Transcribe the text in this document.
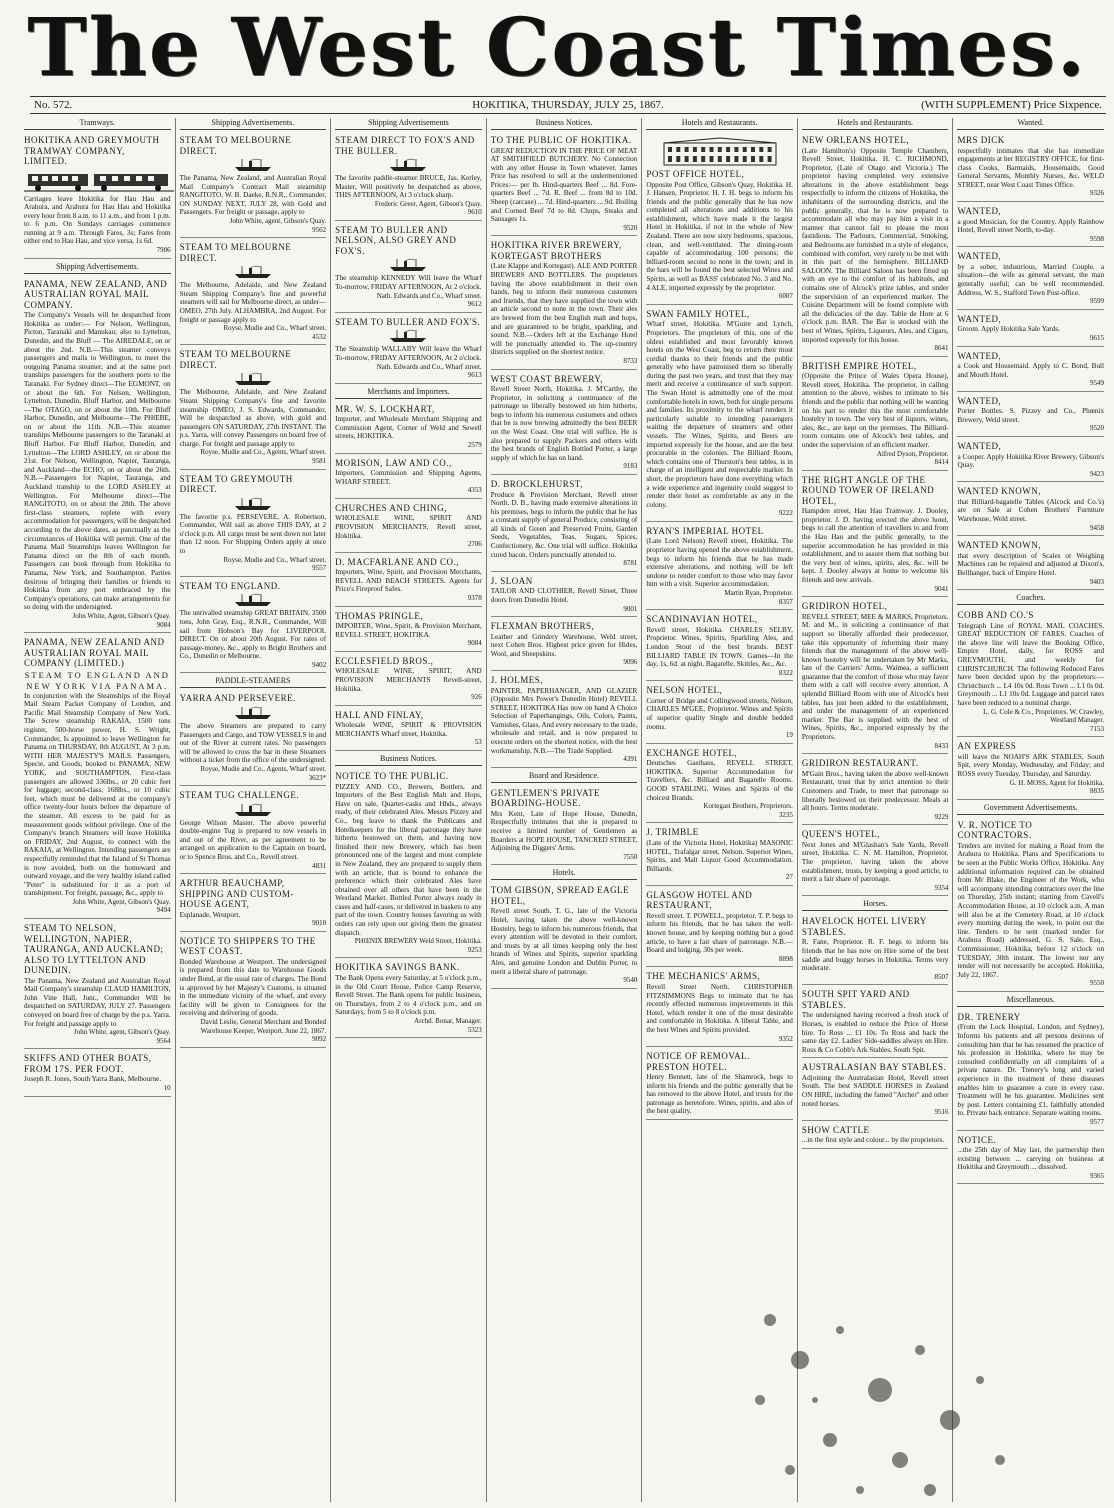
The West Coast Times.
No. 572.	HOKITIKA, THURSDAY, JULY 25, 1867.	(WITH SUPPLEMENT) Price Sixpence.
Tramways.
HOKITIKA AND GREYMOUTH TRAMWAY COMPANY, LIMITED.
Carriages leave Hokitika for Hau Hau and Arahura, and Arahura for Hau Hau and Hokitika every hour from 8 a.m. to 11 a.m., and from 1 p.m. to 6 p.m. On Sundays carriages commence running at 9 a.m. Through Fares, 3s; Fares from either end to Hau Hau, and vice versa, 1s 6d.
7906
Shipping Advertisements.
PANAMA, NEW ZEALAND, AND AUSTRALIAN ROYAL MAIL COMPANY.
The Company's Vessels will be despatched from Hokitika as under:— For Nelson, Wellington, Picton, Taranaki and Manukau; also to Lyttelton, Dunedin, and the Bluff — The AIREDALE, on or about the 2nd. N.B.—This steamer conveys passengers and mails to Wellington, to meet the outgoing Panama steamer, and at the same port tranships passengers for the southern ports to the Taranaki. For Sydney direct—The EGMONT, on or about the 6th. For Nelson, Wellington, Lyttelton, Dunedin, Bluff Harbor, and Melbourne—The OTAGO, on or about the 10th. For Bluff Harbor, Dunedin, and Melbourne—The PHŒBE, on or about the 11th. N.B.—This steamer tranships Melbourne passengers to the Taranaki at Bluff Harbor. For Bluff Harbor, Dunedin, and Lyttelton—The LORD ASHLEY, on or about the 21st. For Nelson, Wellington, Napier, Tauranga, and Auckland—the ECHO, on or about the 26th. N.B.—Passengers for Napier, Tauranga, and Auckland tranship to the LORD ASHLEY at Wellington. For Melbourne direct—The RANGITOTO, on or about the 28th. The above first-class steamers, replete with every accommodation for passengers, will be despatched according to the above dates, as punctually as the circumstances of Hokitika will permit. One of the Panama Mail Steamships leaves Wellington for Panama direct on the 8th of each month. Passengers can book through from Hokitika to Panama, New York, and Southampton. Parties desirous of bringing their families or friends to Hokitika from any port embraced by the Company's operations, can make arrangements for so doing with the undersigned.
John White, Agent, Gibson's Quay.
9084
PANAMA, NEW ZEALAND AND AUSTRALIAN ROYAL MAIL COMPANY (LIMITED.)
STEAM TO ENGLAND AND NEW YORK VIA PANAMA.
In conjunction with the Steamships of the Royal Mail Steam Packet Company of London, and Pacific Mail Steamship Company of New York. The Screw steamship RAKAIA, 1500 tons register, 500-horse power, H. S. Wright, Commander, Is appointed to leave Wellington for Panama on THURSDAY, 8th AUGUST, At 3 p.m. WITH HER MAJESTY'S MAILS. Passengers, Specie, and Goods, booked to PANAMA, NEW YORK, and SOUTHAMPTON. First-class passengers are allowed 336lbs., or 20 cubic feet for luggage; second-class, 168lbs., or 10 cubic feet, which must be delivered at the company's office twenty-four hours before the departure of the steamer. All excess to be paid for as measurement goods without privilege. One of the Company's branch Steamers will leave Hokitika on FRIDAY, 2nd August, to connect with the RAKAIA, at Wellington. Intending passengers are respectfully reminded that the Island of St Thomas is now avoided, both on the homeward and outward voyage, and the very healthy island called "Peter" is substituted for it as a port of transhipment. For freight, passage, &c., apply to
John White, Agent, Gibson's Quay.
9494
STEAM TO NELSON, WELLINGTON, NAPIER, TAURANGA, AND AUCKLAND; ALSO TO LYTTELTON AND DUNEDIN.
The Panama, New Zealand and Australian Royal Mail Company's steamship CLAUD HAMILTON, John Vine Hall, Junr., Commander Will be despatched on SATURDAY, JULY 27. Passengers conveyed on board free of charge by the p.s. Yarra. For freight and passage apply to
John White, agent, Gibson's Quay.
9564
SKIFFS AND OTHER BOATS, FROM 17S. PER FOOT.
Joseph R. Jones, South Yarra Bank, Melbourne.
10
Shipping Advertisements.
STEAM TO MELBOURNE DIRECT.
The Panama, New Zealand, and Australian Royal Mail Company's Contract Mail steamship RANGITOTO, W. B. Daeke, R.N.R., Commander, ON SUNDAY NEXT, JULY 28, with Gold and Passengers. For freight or passage, apply to
John White, agent, Gibson's Quay.
9562
STEAM TO MELBOURNE DIRECT.
The Melbourne, Adelaide, and New Zealand Steam Shipping Company's fine and powerful steamers will sail for Melbourne direct, as under— OMEO, 27th July. ALHAMBRA, 2nd August. For freight or passage apply to
Royse, Mudie and Co., Wharf street.
4532
STEAM TO MELBOURNE DIRECT.
The Melbourne, Adelaide, and New Zealand Steam Shipping Company's fine and favorite steamship OMEO, J. S. Edwards, Commander, Will be despatched as above, with gold and passengers ON SATURDAY, 27th INSTANT. The p.s. Yarra, will convey Passengers on board free of charge. For freight and passage apply to
Royse, Mudie and Co., Agents, Wharf street.
9581
STEAM TO GREYMOUTH DIRECT.
The favorite p.s. PERSEVERE, A. Robertson, Commander, Will sail as above THIS DAY, at 2 o'clock p.m. All cargo must be sent down not later than 12 noon. For Shipping Orders apply at once to
Royse, Mudie and Co., Wharf street.
9557
STEAM TO ENGLAND.
The unrivalled steamship GREAT BRITAIN, 3500 tons, John Gray, Esq., R.N.R., Commander, Will sail from Hobson's Bay for LIVERPOOL DIRECT. On or about 20th August. For rates of passage-money, &c., apply to Bright Brothers and Co., Dunedin or Melbourne.
9402
PADDLE-STEAMERS
YARRA AND PERSEVERE.
The above Steamers are prepared to carry Passengers and Cargo, and TOW VESSELS in and out of the River at current rates. No passengers will be allowed to cross the bar in these Steamers without a ticket from the office of the undersigned.
Royse, Mudie and Co., Agents, Wharf street.
3623*
STEAM TUG CHALLENGE.
George Wilson Master. The above powerful double-engine Tug is prepared to tow vessels in and out of the River, as per agreement to be arranged on application to the Captain on board, or to Spence Bros. and Co., Revell street.
4831
ARTHUR BEAUCHAMP, SHIPPING AND CUSTOM-HOUSE AGENT,
Esplanade, Westport.
9010
NOTICE TO SHIPPERS TO THE WEST COAST.
Bonded Warehouse at Westport. The undersigned is prepared from this date to Warehouse Goods under Bond, at the usual rate of charges. The Bond is approved by her Majesty's Customs, is situated in the immediate vicinity of the wharf, and every facility will be given to Consignees for the receiving and delivering of goods.
David Leslie, General Merchant and Bonded Warehouse Keeper, Westport. June 22, 1867.
9092
Shipping Advertisements
STEAM DIRECT TO FOX'S AND THE BULLER.
The favorite paddle-steamer BRUCE, Jas. Kerley, Master, Will positively be despatched as above, THIS AFTERNOON, At 3 o'clock sharp.
Frederic Greer, Agent, Gibson's Quay.
9610
STEAM TO BULLER AND NELSON, ALSO GREY AND FOX'S.
The steamship KENNEDY Will leave the Wharf To-morrow, FRIDAY AFTERNOON, At 2 o'clock.
Nath. Edwards and Co., Wharf street.
9612
STEAM TO BULLER AND FOX'S.
The Steamship WALLABY Will leave the Wharf To-morrow, FRIDAY AFTERNOON, At 2 o'clock.
Nath. Edwards and Co., Wharf street.
9613
Merchants and Importers.
MR. W. S. LOCKHART,
Importer, and Wholesale Merchant Shipping and Commission Agent, Corner of Weld and Sewell streets, HOKITIKA.
2579
MORISON, LAW AND CO.,
Importers, Commission and Shipping Agents, WHARF STREET.
4353
CHURCHES AND CHING,
WHOLESALE WINE, SPIRIT AND PROVISION MERCHANTS, Revell street, Hokitika.
2706
D. MACFARLANE AND CO.,
Importers, Wine, Spirit, and Provision Merchants, REVELL AND BEACH STREETS. Agents for Price's Fireproof Safes.
9378
THOMAS PRINGLE,
IMPORTER, Wine, Spirit, & Provision Merchant, REVELL STREET, HOKITIKA.
9084
ECCLESFIELD BROS.,
WHOLESALE WINE, SPIRIT, AND PROVISION MERCHANTS Revell-street, Hokitika.
926
HALL AND FINLAY,
Wholesale WINE, SPIRIT & PROVISION MERCHANTS Wharf street, Hokitika.
53
Business Notices.
NOTICE TO THE PUBLIC.
PIZZEY AND CO., Brewers, Bottlers, and Importers of the Best English Malt and Hops, Have on sale, Quarter-casks and Hhds., always ready, of their celebrated Ales. Messrs Pizzey and Co., beg leave to thank the Publicans and Hotelkeepers for the liberal patronage they have hitherto bestowed on them, and having now finished their new Brewery, which has been pronounced one of the largest and most complete in New Zealand, they are prepared to supply them with an article, that is bound to enhance the preference which their celebrated Ales have obtained over all others that have been in the Westland Market. Bottled Porter always ready in cases and half-cases, or delivered in baskets to any part of the town. Country houses favoring us with orders can rely upon our giving them the greatest dispatch.
PHŒNIX BREWERY Weld Street, Hokitika.
9253
HOKITIKA SAVINGS BANK.
The Bank Opens every Saturday, at 5 o'clock p.m., in the Old Court House, Police Camp Reserve, Revell Street. The Bank opens for public business, on Thursdays, from 2 to 4 o'clock p.m., and on Saturdays, from 5 to 8 o'clock p.m.
Archd. Bonar, Manager.
5323
Business Notices.
TO THE PUBLIC OF HOKITIKA.
GREAT REDUCTION IN THE PRICE OF MEAT AT SMITHFIELD BUTCHERY. No Connection with any other House in Town whatever. James Price has resolved to sell at the undermentioned Prices:— per lb. Hind-quarters Beef ... 8d. Fore-quarters Beef ... 7d. R. Beef ... from 8d to 10d. Sheep (carcase) ... 7d. Hind-quarters ... 9d. Boiling and Corned Beef 7d to 8d. Chops, Steaks and Sausages 1s.
9520
HOKITIKA RIVER BREWERY, KORTEGAST BROTHERS
(Late Klappe and Kortegast). ALE AND PORTER BREWERS AND BOTTLERS. The proprietors having the above establishment in their own hands, beg to inform their numerous customers and friends, that they have supplied the town with an article second to none in the town. Their ales are brewed from the best English malt and hops, and are guaranteed to be bright, sparkling, and sound. N.B.—Orders left at the Exchange Hotel will be punctually attended to. The up-country districts supplied on the shortest notice.
8733
WEST COAST BREWERY,
Revell Street North, Hokitika. J. M'Carthy, the Proprietor, in soliciting a continuance of the patronage so liberally bestowed on him hitherto, begs to inform his numerous customers and others that he is now brewing admittedly the best BEER on the West Coast. One trial will suffice. He is also prepared to supply Packers and others with the best brands of English Bottled Porter, a large supply of which he has on hand.
9183
D. BROCKLEHURST,
Produce & Provision Merchant, Revell street North. D. B., having made extensive alterations in his premises, begs to inform the public that he has a constant supply of general Produce, consisting of all kinds of Green and Preserved Fruits, Garden Seeds, Vegetables, Teas, Sugars, Spices, Confectionery, &c. One trial will suffice. Hokitika cured bacon. Orders punctually attended to.
8781
J. SLOAN
TAILOR AND CLOTHIER, Revell Street, Three doors from Dunedin Hotel.
9001
FLEXMAN BROTHERS,
Leather and Grindery Warehouse, Weld street, next Cohen Bros. Highest price given for Hides, Wool, and Sheepskins.
9096
J. HOLMES,
PAINTER, PAPERHANGER, AND GLAZIER (Opposite Mrs Power's Dunedin Hotel) REVELL STREET, HOKITIKA Has now on hand A Choice Selection of Paperhangings, Oils, Colors, Paints, Varnishes, Glass, And every necessary to the trade, wholesale and retail, and is now prepared to execute orders on the shortest notice, with the best workmanship. N.B.—The Trade Supplied.
4391
Board and Residence.
GENTLEMEN'S PRIVATE BOARDING-HOUSE.
Mrs Kent, Late of Hope House, Dunedin, Respectfully intimates that she is prepared to receive a limited number of Gentlemen as Boarders at HOPE HOUSE, TANCRED STREET, Adjoining the Diggers' Arms.
7550
Hotels.
TOM GIBSON, SPREAD EAGLE HOTEL,
Revell street South. T. G., late of the Victoria Hotel, having taken the above well-known Hostelry, begs to inform his numerous friends, that every attention will be devoted to their comfort, and trusts by at all times keeping only the best brands of Wines and Spirits, superior sparkling Ales, and genuine London and Dublin Porter, to merit a liberal share of patronage.
9540
Hotels and Restaurants.
POST OFFICE HOTEL,
Opposite Post Office, Gibson's Quay, Hokitika. H. J. Hansen, Proprietor. H. J. H. begs to inform his friends and the public generally that he has now completed all alterations and additions to his establishment, which have made it the largest Hotel in Hokitika, if not in the whole of New Zealand. There are now sixty bedrooms, spacious, clean, and well-ventilated. The dining-room capable of accommodating 100 persons; the billiard-room second to none in the town; and in the bars will be found the best selected Wines and Spirits, as well as BASS' celebrated No. 3 and No. 4 ALE, imported expressly by the proprietor.
6007
SWAN FAMILY HOTEL,
Wharf street, Hokitika. M'Guire and Lynch, Proprietors. The proprietors of this, one of the oldest established and most favorably known hotels on the West Coast, beg to return their most cordial thanks to their friends and the public generally who have patronised them so liberally during the past two years, and trust that they may merit and receive a continuance of such support. The Swan Hotel is admittedly one of the most comfortable hotels in town, both for single persons and families. Its proximity to the wharf renders it particularly suitable to intending passengers waiting the departure of steamers and other vessels. The Wines, Spirits, and Beers are imported expressly for the house, and are the best procurable in the colonies. The Billiard Room, which contains one of Thurston's best tables, is in charge of an intelligent and respectable marker. In short, the proprietors have done everything which a wide experience and ingenuity could suggest to render their hotel as comfortable as any in the colony.
9222
RYAN'S IMPERIAL HOTEL
(Late Lord Nelson) Revell street, Hokitika. The proprietor having opened the above establishment, begs to inform his friends that he has made extensive alterations, and nothing will be left undone to render comfort to those who may favor him with a visit. Superior accommodation.
Martin Ryan, Proprietor.
8357
SCANDINAVIAN HOTEL,
Revell street, Hokitika. CHARLES SELBY, Proprietor. Wines, Spirits, Sparkling Ales, and London Stout of the best brands. BEST BILLIARD TABLE IN TOWN. Games—In the day, 1s, 6d. at night. Bagatelle, Skittles, &c., &c.
8322
NELSON HOTEL,
Corner of Bridge and Collingwood streets, Nelson, CHARLES M'GEE, Proprietor. Wines and Spirits of superior quality Single and double bedded rooms.
19
EXCHANGE HOTEL,
Deutsches Gasthaus, REVELL STREET, HOKITIKA. Superior Accommodation for Travellers, &c. Billiard and Bagatelle Rooms. GOOD STABLING. Wines and Spirits of the choicest Brands.
Kortegast Brothers, Proprietors.
3235
J. TRIMBLE
(Late of the Victoria Hotel, Hokitika) MASONIC HOTEL, Trafalgar street, Nelson. Superior Wines, Spirits, and Malt Liquor Good Accommodation. Billiards.
27
GLASGOW HOTEL AND RESTAURANT,
Revell street. T. POWELL, proprietor. T. P. begs to inform his friends, that he has taken the well-known house, and by keeping nothing but a good article, to have a fair share of patronage. N.B.—Board and lodging, 30s per week.
8898
THE MECHANICS' ARMS,
Revell Street North. CHRISTOPHER FITZSIMMONS Begs to intimate that he has recently effected numerous improvements in this Hotel, which render it one of the most desirable and comfortable in Hokitika. A liberal Table, and the best Wines and Spirits provided.
9352
NOTICE OF REMOVAL. PRESTON HOTEL.
Henry Bennett, late of the Shamrock, begs to inform his friends and the public generally that he has removed to the above Hotel, and trusts for the patronage as heretofore. Wines, spirits, and ales of the best quality.
Hotels and Restaurants.
NEW ORLEANS HOTEL,
(Late Hamilton's) Opposite Temple Chambers, Revell Street, Hokitika. H. C. RICHMOND, Proprietor, (Late of Otago and Victoria.) The proprietor having completed very extensive alterations in the above establishment begs respectfully to inform the citizens of Hokitika, the inhabitants of the surrounding districts, and the public generally, that he is now prepared to accommodate all who may pay him a visit in a manner that cannot fail to please the most fastidious. The Parlours, Commercial, Smoking, and Bedrooms are furnished in a style of elegance, combined with comfort, very rarely to be met with in this part of the hemisphere. BILLIARD SALOON. The Billiard Saloon has been fitted up with an eye to the comfort of its habitués, and contains one of Alcock's prize tables, and under the supervision of an experienced marker. The Cuisine Department will be found complete with all the delicacies of the day. Table de Hote at 6 o'clock p.m. BAR. The Bar is stocked with the best of Wines, Spirits, Liqueurs, Ales, and Cigars, imported expressly for this house.
8641
BRITISH EMPIRE HOTEL,
(Opposite the Prince of Wales Opera House), Revell street, Hokitika. The proprietor, in calling attention to the above, wishes to intimate to his friends and the public that nothing will be wanting on his part to render this the most comfortable hostelry in town. The very best of liquors, wines, ales, &c., are kept on the premises. The Billiard-room contains one of Alcock's best tables, and under the supervision of an efficient marker.
Alfred Dyson, Proprietor.
8414
THE RIGHT ANGLE OF THE ROUND TOWER OF IRELAND HOTEL,
Hampden street, Hau Hau Tramway. J. Dooley, proprietor. J. D. having erected the above hotel, begs to call the attention of travellers to and from the Hau Hau and the public generally, to the superior accommodation he has provided in this establishment, and to assure them that nothing but the very best of wines, spirits, ales, &c. will be kept. J. Dooley always at home to welcome his friends and new arrivals.
9041
GRIDIRON HOTEL,
REVELL STREET, MEE & MARKS, Proprietors. M. and M., in soliciting a continuance of that support so liberally afforded their predecessor, take this opportunity of informing their many friends that the management of the above well-known hostelry will be undertaken by Mr Marks, late of the Carriers' Arms, Waimea, a sufficient guarantee that the comfort of those who may favor them with a call will receive every attention. A splendid Billiard Room with one of Alcock's best tables, has just been added to the establishment, and under the management of an experienced marker. The Bar is supplied with the best of Wines, Spirits, &c., imported expressly by the Proprietors.
8433
GRIDIRON RESTAURANT.
M'Gain Bros., having taken the above well-known Restaurant, trust that by strict attention to their Customers and Trade, to meet that patronage so liberally bestowed on their predecessor. Meals at all hours. Terms moderate.
9229
QUEEN'S HOTEL,
Next Jones and M'Glashan's Sale Yards, Revell street, Hokitika. C. N. M. Hamilton, Proprietor. The proprietor, having taken the above establishment, trusts, by keeping a good article, to merit a fair share of patronage.
9354
Horses.
HAVELOCK HOTEL LIVERY STABLES.
R. Fane, Proprietor. R. F. begs to inform his friends that he has now on Hire some of the best saddle and buggy horses in Hokitika. Terms very moderate.
8507
SOUTH SPIT YARD AND STABLES.
The undersigned having received a fresh stock of Horses, is enabled to reduce the Price of Horse hire. To Ross ... £1 10s. To Ross and back the same day £2. Ladies' Side-saddles always on Hire. Ross & Co Cobb's Ark Stables, South Spit.
AUSTRALASIAN BAY STABLES.
Adjoining the Australasian Hotel, Revell street South. The best SADDLE HORSES in Zealand ON HIRE, including the famed "Archer" and other noted horses.
9516
SHOW CATTLE
...in the first style and colour... by the proprietors.
Wanted.
MRS DICK
respectfully intimates that she has immediate engagements at her REGISTRY OFFICE, for first-class Cooks, Barmaids, Housemaids, Good General Servants, Monthly Nurses, &c. WELD STREET, near West Coast Times Office.
9326
WANTED,
a good Musician, for the Country. Apply Rainbow Hotel, Revell street North, to-day.
9598
WANTED,
by a sober, industrious, Married Couple, a situation—the wife as general servant, the man generally useful; can be well recommended. Address, W. S., Stafford Town Post-office.
9599
WANTED,
Groom. Apply Hokitika Sale Yards.
9615
WANTED,
a Cook and Housemaid. Apply to C. Bond, Bull and Mouth Hotel.
9549
WANTED,
Porter Bottles. S. Pizzey and Co., Phœnix Brewery, Weld street.
9520
WANTED,
a Cooper. Apply Hokitika River Brewery, Gibson's Quay.
9423
WANTED KNOWN,
that Billiard-bagatelle Tables (Alcock and Co.'s) are on Sale at Cohen Brothers' Furniture Warehouse, Weld street.
9458
WANTED KNOWN,
that every description of Scales or Weighing Machines can be repaired and adjusted at Dixon's, Bellhanger, back of Empire Hotel.
9403
Coaches.
COBB AND CO.'S
Telegraph Line of ROYAL MAIL COACHES. GREAT REDUCTION OF FARES. Coaches of the above line will leave the Booking Office, Empire Hotel, daily, for ROSS and GREYMOUTH, and weekly for CHRISTCHURCH. The following Reduced Fares have been decided upon by the proprietors:— Christchurch ... L4 10s 0d. Ross Town ... L1 0s 0d. Greymouth ... L1 10s 0d. Luggage and parcel rates have been reduced to a nominal charge.
L. G. Cole & Co., Proprietors. W. Crawley, Westland Manager.
7153
AN EXPRESS
will leave the NOAH'S ARK STABLES, South Spit, every Monday, Wednesday, and Friday; and ROSS every Tuesday, Thursday, and Saturday.
G. H. MOSS, Agent for Hokitika.
8835
Government Advertisements.
V. R. NOTICE TO CONTRACTORS.
Tenders are invited for making a Road from the Arahura to Hokitika. Plans and Specifications to be seen at the Public Works Office, Hokitika. Any additional information required can be obtained from Mr Blake, the Engineer of the Work, who will accompany intending contractors over the line on Thursday, 25th instant; starting from Cavell's Accommodation House, at 10 o'clock a.m. A man will also be at the Cemetery Road, at 10 o'clock every morning during the week, to point out the line. Tenders to be sent (marked tender for Arahura Road) addressed, G. S. Sale, Esq., Commissioner, Hokitika, before 12 o'clock on TUESDAY, 30th instant. The lowest nor any tender will not necessarily be accepted. Hokitika, July 22, 1867.
9550
Miscellaneous.
DR. TRENERY
(From the Lock Hospital, London, and Sydney), Informs his patients and all persons desirous of consulting him that he has resumed the practice of his profession in Hokitika, where he may be consulted confidentially on all complaints of a private nature. Dr. Trenery's long and varied experience in the treatment of these diseases enables him to guarantee a cure in every case. Treatment will be his guarantee. Medicines sent by post. Letters containing £1, faithfully attended to. Private back entrance. Separate waiting rooms.
9577
NOTICE.
...the 25th day of May last, the partnership then existing between ... carrying on business at Hokitika and Greymouth ... dissolved.
9365
